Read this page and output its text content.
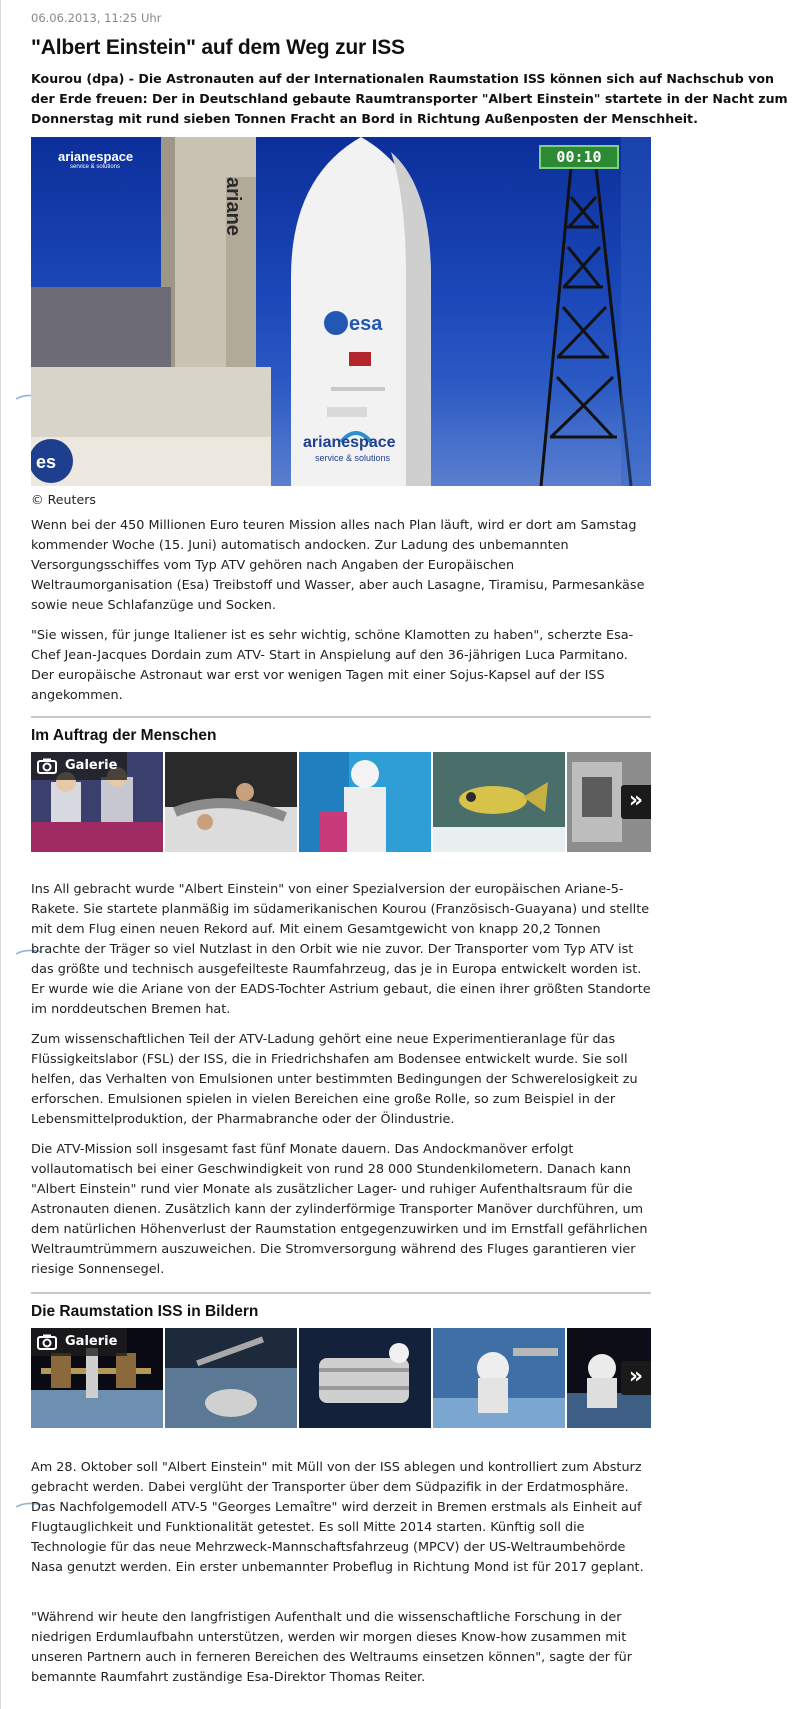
06.06.2013, 11:25 Uhr
"Albert Einstein" auf dem Weg zur ISS

Kourou (dpa) - Die Astronauten auf der Internationalen Raumstation ISS können sich auf Nachschub von der Erde freuen: Der in Deutschland gebaute Raumtransporter "Albert Einstein" startete in der Nacht zum Donnerstag mit rund sieben Tonnen Fracht an Bord in Richtung Außenposten der Menschheit.

es
esa
arianespace
service & solutions
ariane
arianespace
service & solutions
00:10
© Reuters

Wenn bei der 450 Millionen Euro teuren Mission alles nach Plan läuft, wird er dort am Samstag kommender Woche (15. Juni) automatisch andocken. Zur Ladung des unbemannten Versorgungsschiffes vom Typ ATV gehören nach Angaben der Europäischen Weltraumorganisation (Esa) Treibstoff und Wasser, aber auch Lasagne, Tiramisu, Parmesankäse sowie neue Schlafanzüge und Socken.

"Sie wissen, für junge Italiener ist es sehr wichtig, schöne Klamotten zu haben", scherzte Esa-Chef Jean-Jacques Dordain zum ATV- Start in Anspielung auf den 36-jährigen Luca Parmitano. Der europäische Astronaut war erst vor wenigen Tagen mit einer Sojus-Kapsel auf der ISS angekommen.

Im Auftrag der Menschen
Galerie
»

Ins All gebracht wurde "Albert Einstein" von einer Spezialversion der europäischen Ariane-5-Rakete. Sie startete planmäßig im südamerikanischen Kourou (Französisch-Guayana) und stellte mit dem Flug einen neuen Rekord auf. Mit einem Gesamtgewicht von knapp 20,2 Tonnen brachte der Träger so viel Nutzlast in den Orbit wie nie zuvor. Der Transporter vom Typ ATV ist das größte und technisch ausgefeilteste Raumfahrzeug, das je in Europa entwickelt worden ist. Er wurde wie die Ariane von der EADS-Tochter Astrium gebaut, die einen ihrer größten Standorte im norddeutschen Bremen hat.

Zum wissenschaftlichen Teil der ATV-Ladung gehört eine neue Experimentieranlage für das Flüssigkeitslabor (FSL) der ISS, die in Friedrichshafen am Bodensee entwickelt wurde. Sie soll helfen, das Verhalten von Emulsionen unter bestimmten Bedingungen der Schwerelosigkeit zu erforschen. Emulsionen spielen in vielen Bereichen eine große Rolle, so zum Beispiel in der Lebensmittelproduktion, der Pharmabranche oder der Ölindustrie.

Die ATV-Mission soll insgesamt fast fünf Monate dauern. Das Andockmanöver erfolgt vollautomatisch bei einer Geschwindigkeit von rund 28 000 Stundenkilometern. Danach kann "Albert Einstein" rund vier Monate als zusätzlicher Lager- und ruhiger Aufenthaltsraum für die Astronauten dienen. Zusätzlich kann der zylinderförmige Transporter Manöver durchführen, um dem natürlichen Höhenverlust der Raumstation entgegenzuwirken und im Ernstfall gefährlichen Weltraumtrümmern auszuweichen. Die Stromversorgung während des Fluges garantieren vier riesige Sonnensegel.

Die Raumstation ISS in Bildern
Galerie
»

Am 28. Oktober soll "Albert Einstein" mit Müll von der ISS ablegen und kontrolliert zum Absturz gebracht werden. Dabei verglüht der Transporter über dem Südpazifik in der Erdatmosphäre. Das Nachfolgemodell ATV-5 "Georges Lemaître" wird derzeit in Bremen erstmals als Einheit auf Flugtauglichkeit und Funktionalität getestet. Es soll Mitte 2014 starten. Künftig soll die Technologie für das neue Mehrzweck-Mannschaftsfahrzeug (MPCV) der US-Weltraumbehörde Nasa genutzt werden. Ein erster unbemannter Probeflug in Richtung Mond ist für 2017 geplant.

"Während wir heute den langfristigen Aufenthalt und die wissenschaftliche Forschung in der niedrigen Erdumlaufbahn unterstützen, werden wir morgen dieses Know-how zusammen mit unseren Partnern auch in ferneren Bereichen des Weltraums einsetzen können", sagte der für bemannte Raumfahrt zuständige Esa-Direktor Thomas Reiter.
